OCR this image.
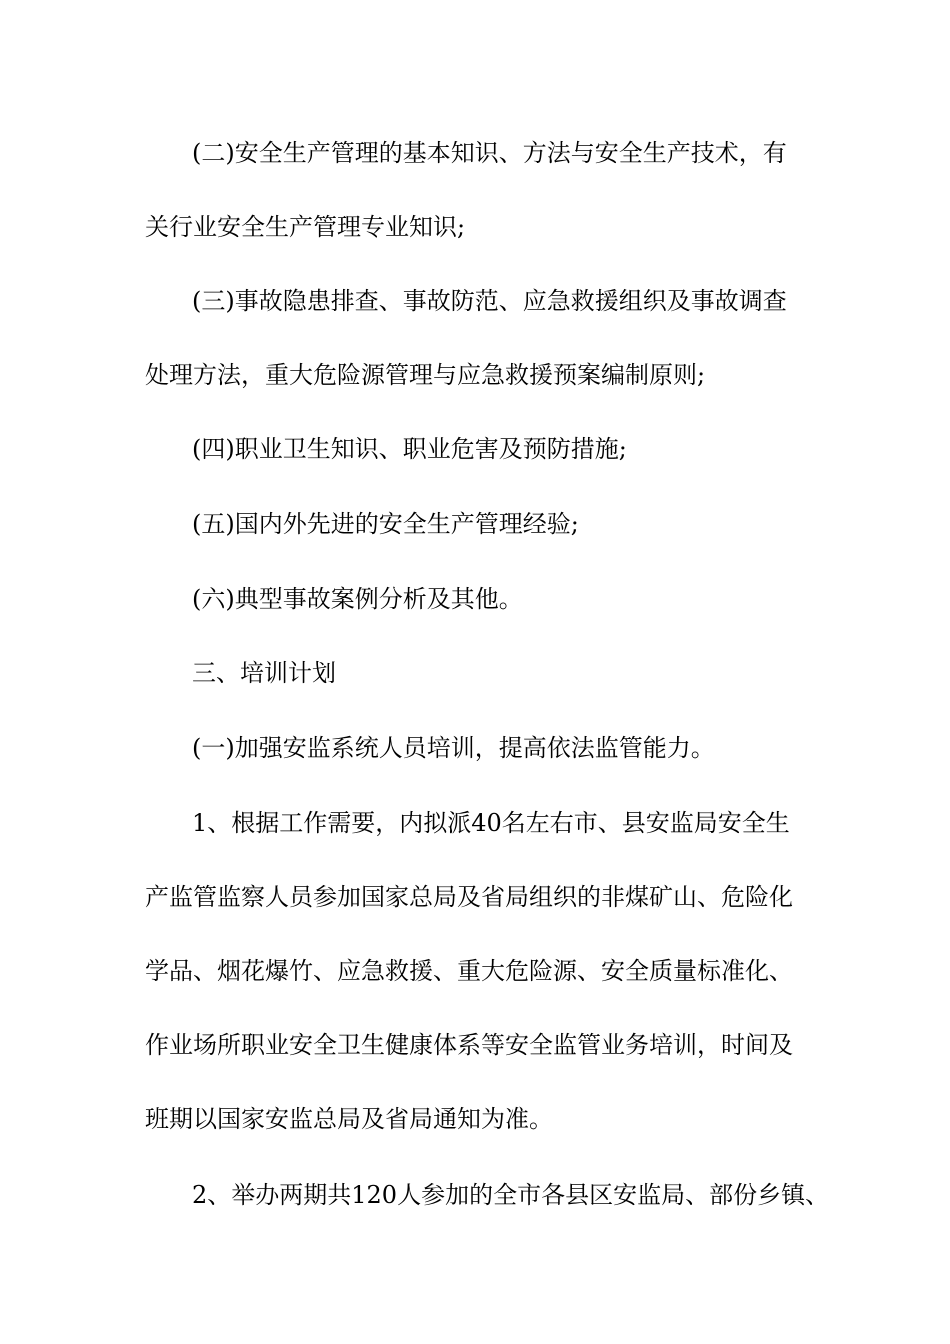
(二)安全生产管理的基本知识、方法与安全生产技术，有
关行业安全生产管理专业知识;
(三)事故隐患排查、事故防范、应急救援组织及事故调查
处理方法，重大危险源管理与应急救援预案编制原则;
(四)职业卫生知识、职业危害及预防措施;
(五)国内外先进的安全生产管理经验;
(六)典型事故案例分析及其他。
三、培训计划
(一)加强安监系统人员培训，提高依法监管能力。
1、根据工作需要，内拟派40名左右市、县安监局安全生
产监管监察人员参加国家总局及省局组织的非煤矿山、危险化
学品、烟花爆竹、应急救援、重大危险源、安全质量标准化、
作业场所职业安全卫生健康体系等安全监管业务培训，时间及
班期以国家安监总局及省局通知为准。
2、举办两期共120人参加的全市各县区安监局、部份乡镇、
